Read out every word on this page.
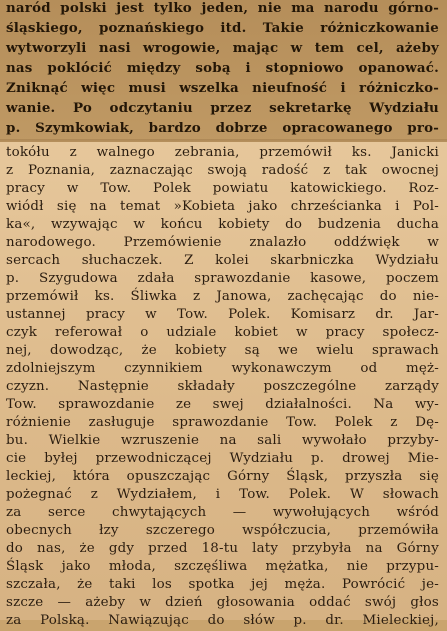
naród polski jest tylko jeden, nie ma narodu górno-
śląskiego, poznańskiego itd. Takie różniczkowanie
wytworzyli nasi wrogowie, mając w tem cel, ażeby
nas poklócić między sobą i stopniowo opanować.
Zniknąć więc musi wszelka nieufność i różniczko-
wanie. Po odczytaniu przez sekretarkę Wydziału
p. Szymkowiak, bardzo dobrze opracowanego pro-
tokółu z walnego zebrania, przemówił ks. Janicki
z Poznania, zaznaczając swoją radość z tak owocnej
pracy w Tow. Polek powiatu katowickiego. Roz-
wiódł się na temat »Kobieta jako chrześcianka i Pol-
ka«, wzywając w końcu kobiety do budzenia ducha
narodowego. Przemówienie znalazło oddźwięk w
sercach słuchaczek. Z kolei skarbniczka Wydziału
p. Szygudowa zdała sprawozdanie kasowe, poczem
przemówił ks. Śliwka z Janowa, zachęcając do nie-
ustannej pracy w Tow. Polek. Komisarz dr. Jar-
czyk referował o udziale kobiet w pracy społecz-
nej, dowodząc, że kobiety są we wielu sprawach
zdolniejszym czynnikiem wykonawczym od męż-
czyzn. Następnie składały poszczególne zarządy
Tow. sprawozdanie ze swej działalności. Na wy-
różnienie zasługuje sprawozdanie Tow. Polek z Dę-
bu. Wielkie wzruszenie na sali wywołało przyby-
cie byłej przewodniczącej Wydziału p. drowej Mie-
leckiej, która opuszczając Górny Śląsk, przyszła się
pożegnać z Wydziałem, i Tow. Polek. W słowach
za serce chwytających — wywołujących wśród
obecnych łzy szczerego współczucia, przemówiła
do nas, że gdy przed 18-tu laty przybyła na Górny
Śląsk jako młoda, szczęśliwa mężatka, nie przypu-
szczała, że taki los spotka jej męża. Powrócić je-
szcze — ażeby w dzień głosowania oddać swój głos
za Polską. Nawiązując do słów p. dr. Mieleckiej,
